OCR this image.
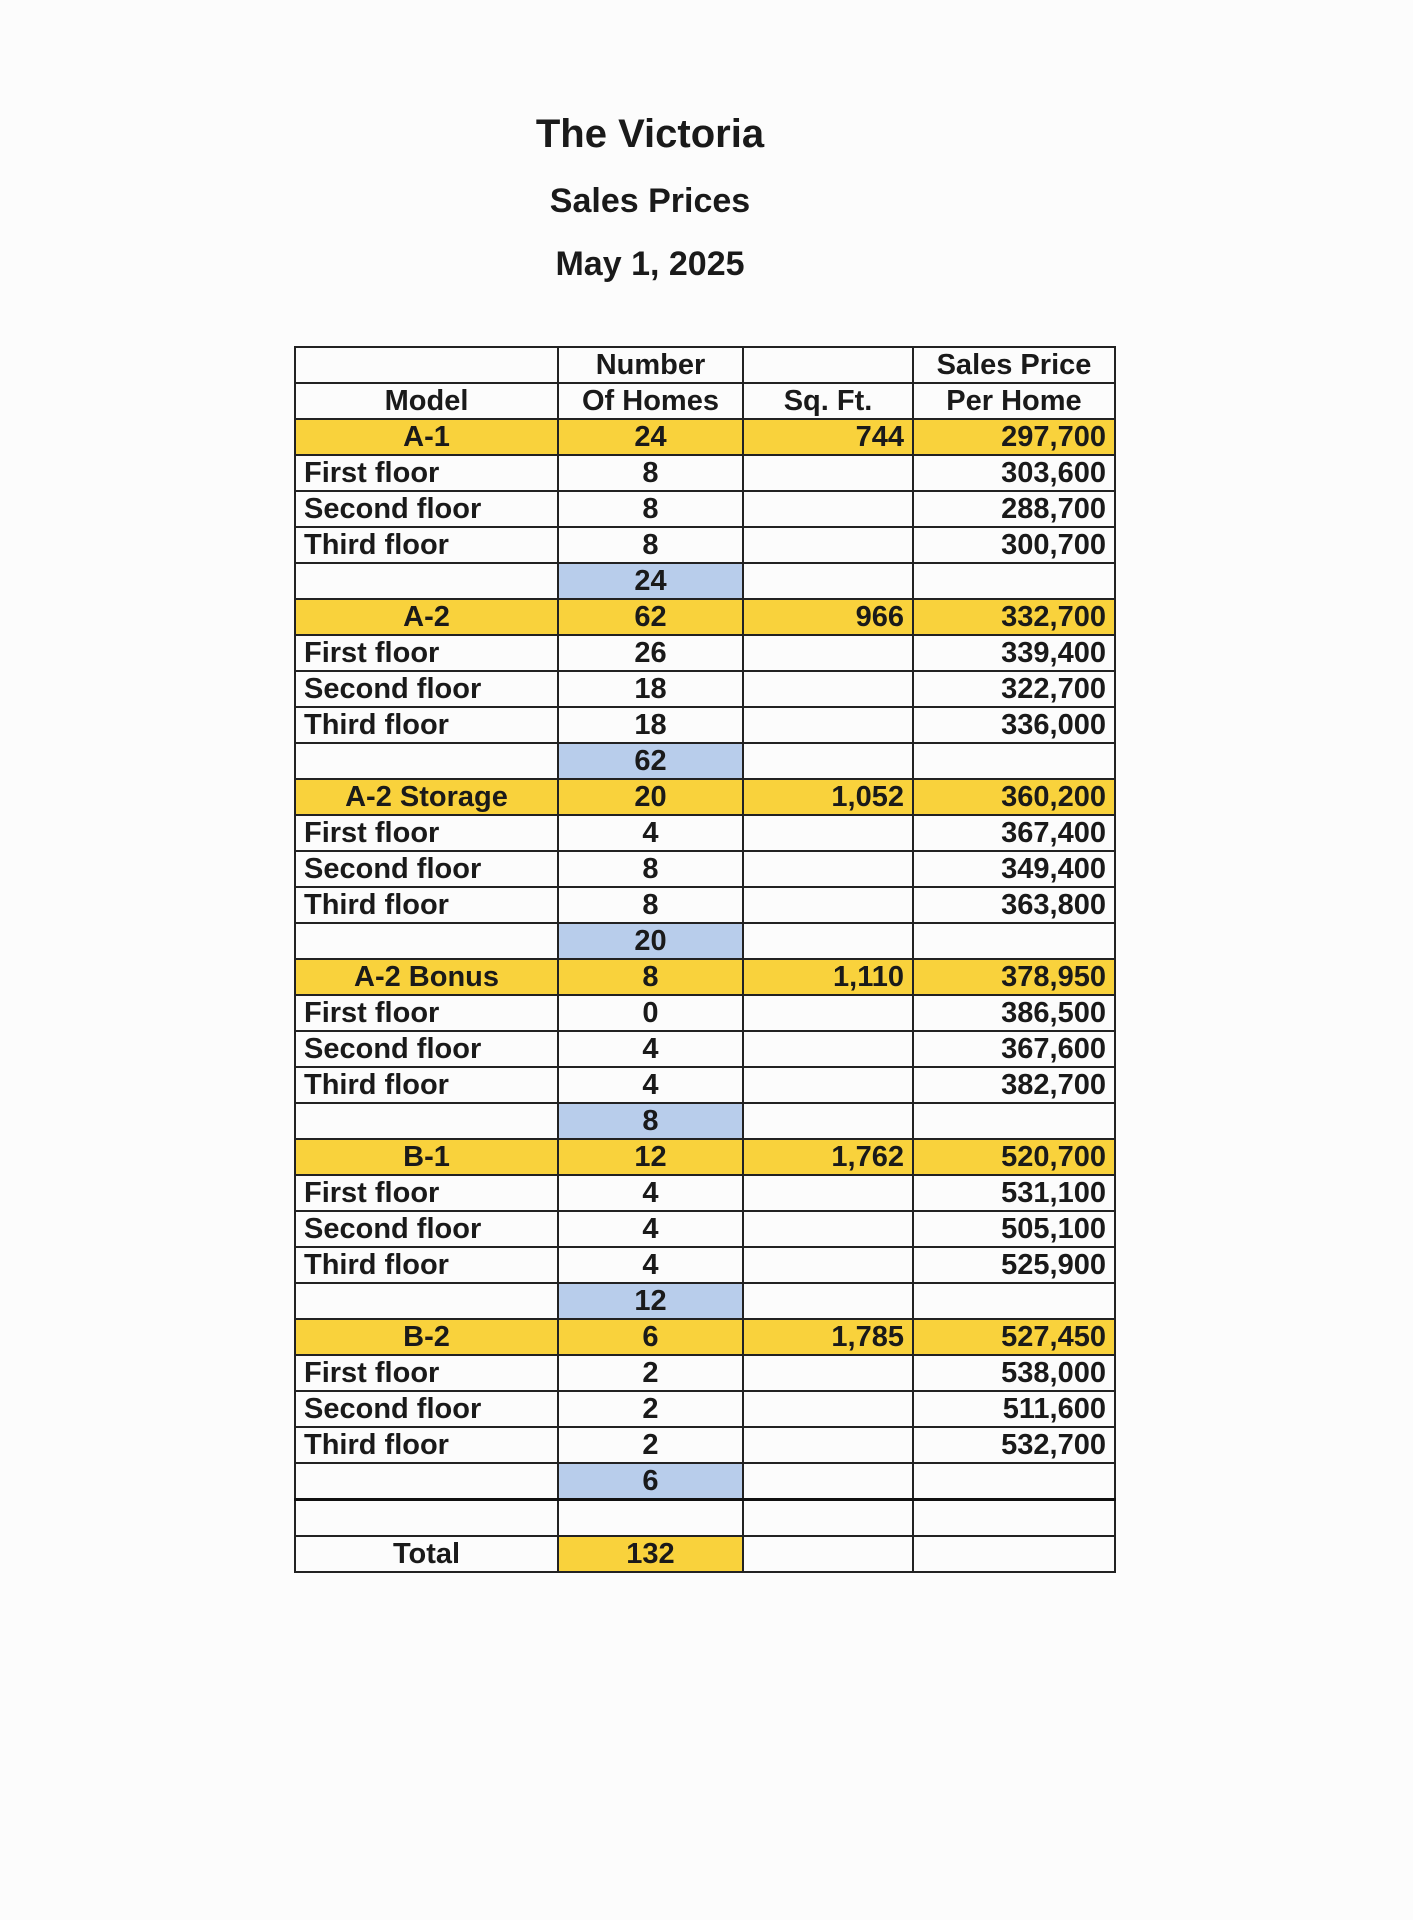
The Victoria
Sales Prices
May 1, 2025
	Number		Sales Price
Model	Of Homes	Sq. Ft.	Per Home
A-1	24	744	297,700
First floor	8		303,600
Second floor	8		288,700
Third floor	8		300,700
	24		
A-2	62	966	332,700
First floor	26		339,400
Second floor	18		322,700
Third floor	18		336,000
	62		
A-2 Storage	20	1,052	360,200
First floor	4		367,400
Second floor	8		349,400
Third floor	8		363,800
	20		
A-2 Bonus	8	1,110	378,950
First floor	0		386,500
Second floor	4		367,600
Third floor	4		382,700
	8		
B-1	12	1,762	520,700
First floor	4		531,100
Second floor	4		505,100
Third floor	4		525,900
	12		
B-2	6	1,785	527,450
First floor	2		538,000
Second floor	2		511,600
Third floor	2		532,700
	6		

Total	132		
